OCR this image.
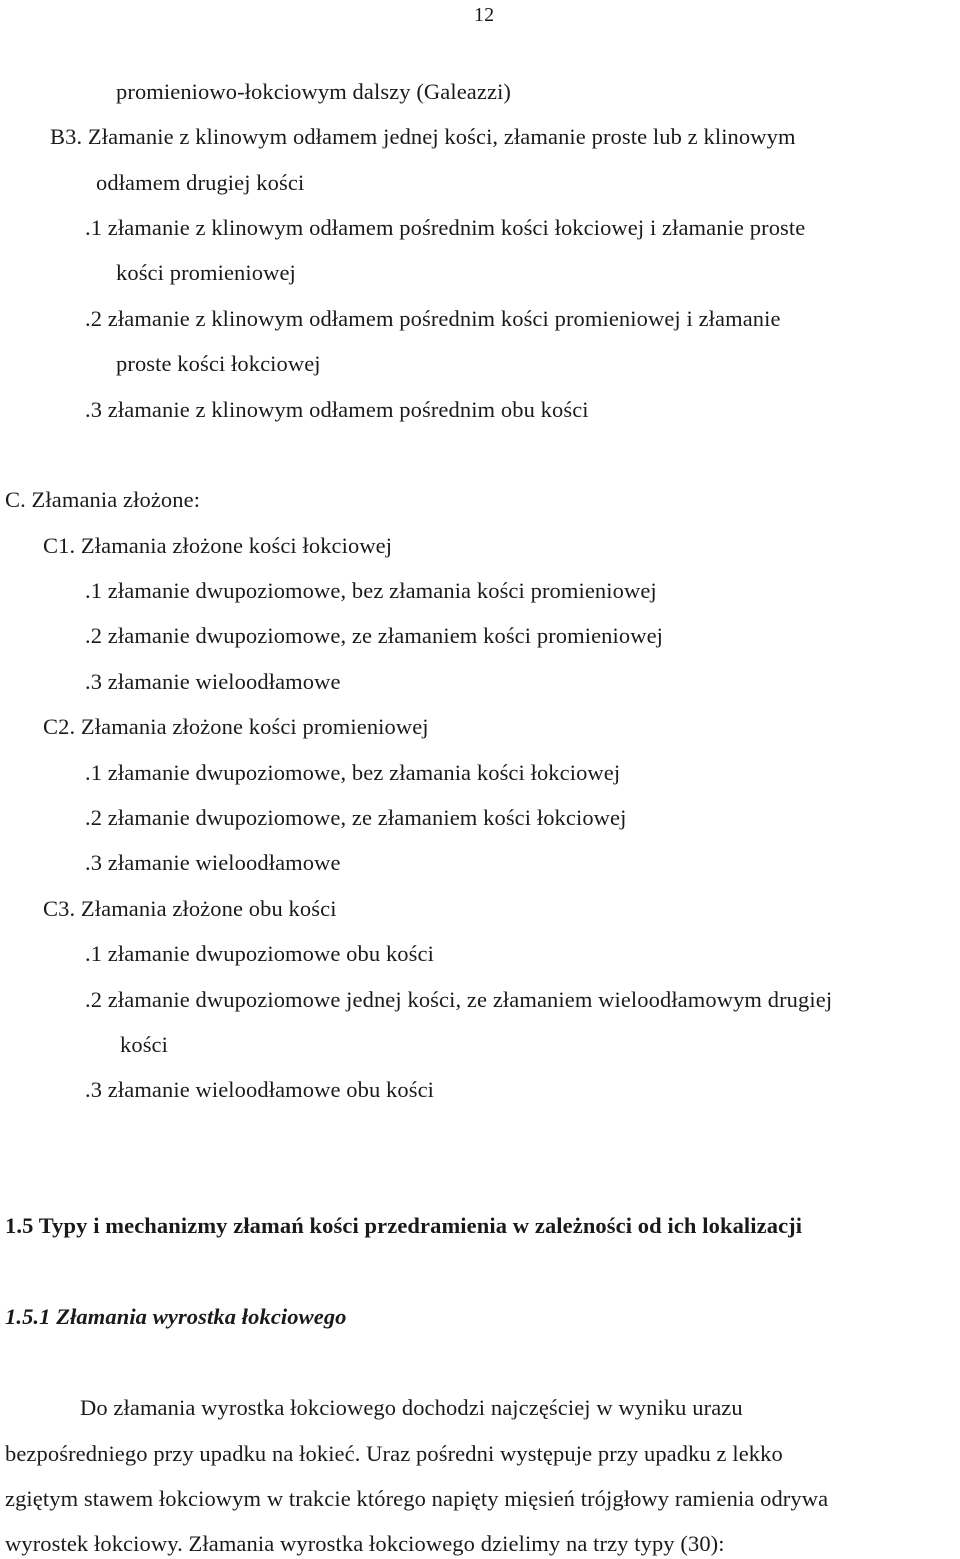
12
promieniowo-łokciowym dalszy (Galeazzi)
B3. Złamanie z klinowym odłamem jednej kości, złamanie proste lub z klinowym
odłamem drugiej kości
.1 złamanie z klinowym odłamem pośrednim kości łokciowej i złamanie proste
kości promieniowej
.2 złamanie z klinowym odłamem pośrednim kości promieniowej i złamanie
proste kości łokciowej
.3 złamanie z klinowym odłamem pośrednim obu kości
C. Złamania złożone:
C1. Złamania złożone kości łokciowej
.1 złamanie dwupoziomowe, bez złamania kości promieniowej
.2 złamanie dwupoziomowe, ze złamaniem kości promieniowej
.3 złamanie wieloodłamowe
C2. Złamania złożone kości promieniowej
.1 złamanie dwupoziomowe, bez złamania kości łokciowej
.2 złamanie dwupoziomowe, ze złamaniem kości łokciowej
.3 złamanie wieloodłamowe
C3. Złamania złożone obu kości
.1 złamanie dwupoziomowe obu kości
.2 złamanie dwupoziomowe jednej kości, ze złamaniem wieloodłamowym drugiej
kości
.3 złamanie wieloodłamowe obu kości
1.5 Typy i mechanizmy złamań kości przedramienia w zależności od ich lokalizacji
1.5.1 Złamania wyrostka łokciowego
Do złamania wyrostka łokciowego dochodzi najczęściej w wyniku urazu
bezpośredniego przy upadku na łokieć. Uraz pośredni występuje przy upadku z lekko
zgiętym stawem łokciowym w trakcie którego napięty mięsień trójgłowy ramienia odrywa
wyrostek łokciowy. Złamania wyrostka łokciowego dzielimy na trzy typy (30):
